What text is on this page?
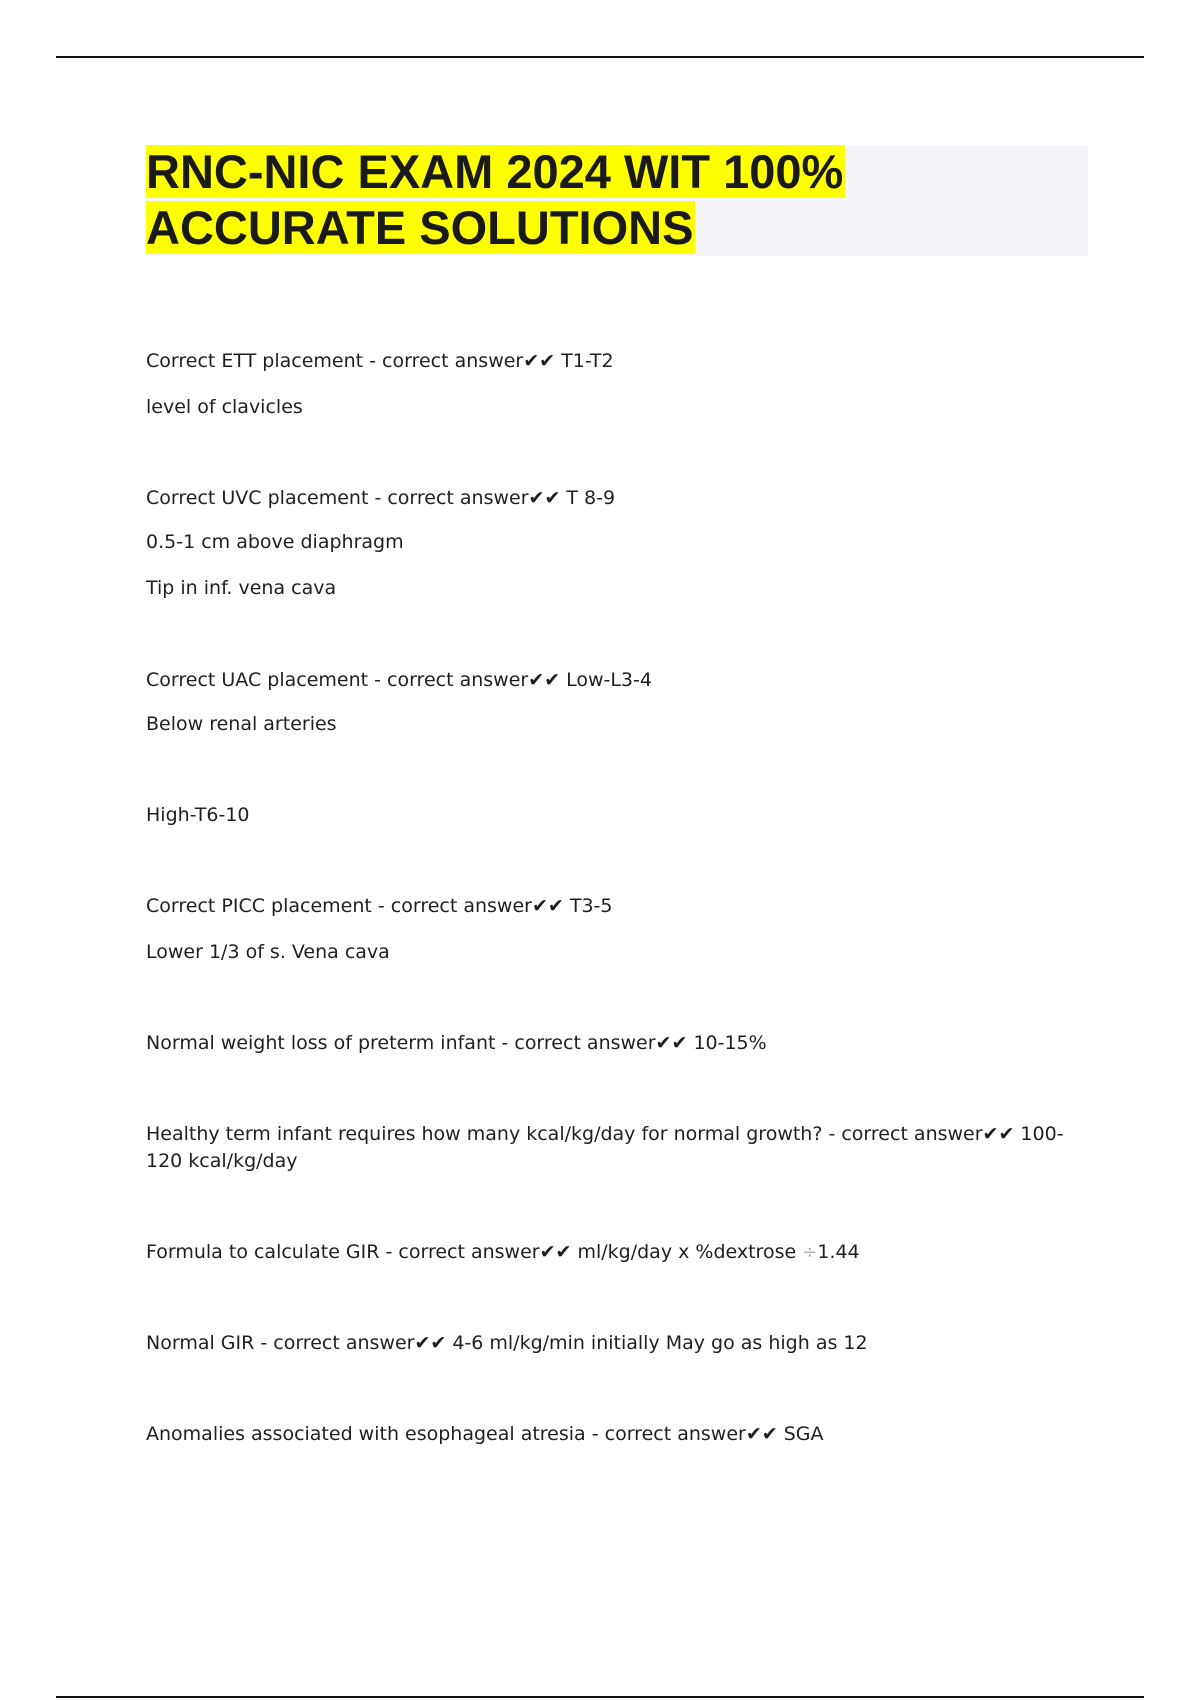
RNC-NIC EXAM 2024 WIT 100%
ACCURATE SOLUTIONS

Correct ETT placement - correct answer✔✔ T1-T2

level of clavicles

Correct UVC placement - correct answer✔✔ T 8-9

0.5-1 cm above diaphragm

Tip in inf. vena cava

Correct UAC placement - correct answer✔✔ Low-L3-4

Below renal arteries

High-T6-10

Correct PICC placement - correct answer✔✔ T3-5

Lower 1/3 of s. Vena cava

Normal weight loss of preterm infant - correct answer✔✔ 10-15%

Healthy term infant requires how many kcal/kg/day for normal growth? - correct answer✔✔ 100-120 kcal/kg/day

Formula to calculate GIR - correct answer✔✔ ml/kg/day x %dextrose ÷1.44

Normal GIR - correct answer✔✔ 4-6 ml/kg/min initially May go as high as 12

Anomalies associated with esophageal atresia - correct answer✔✔ SGA
